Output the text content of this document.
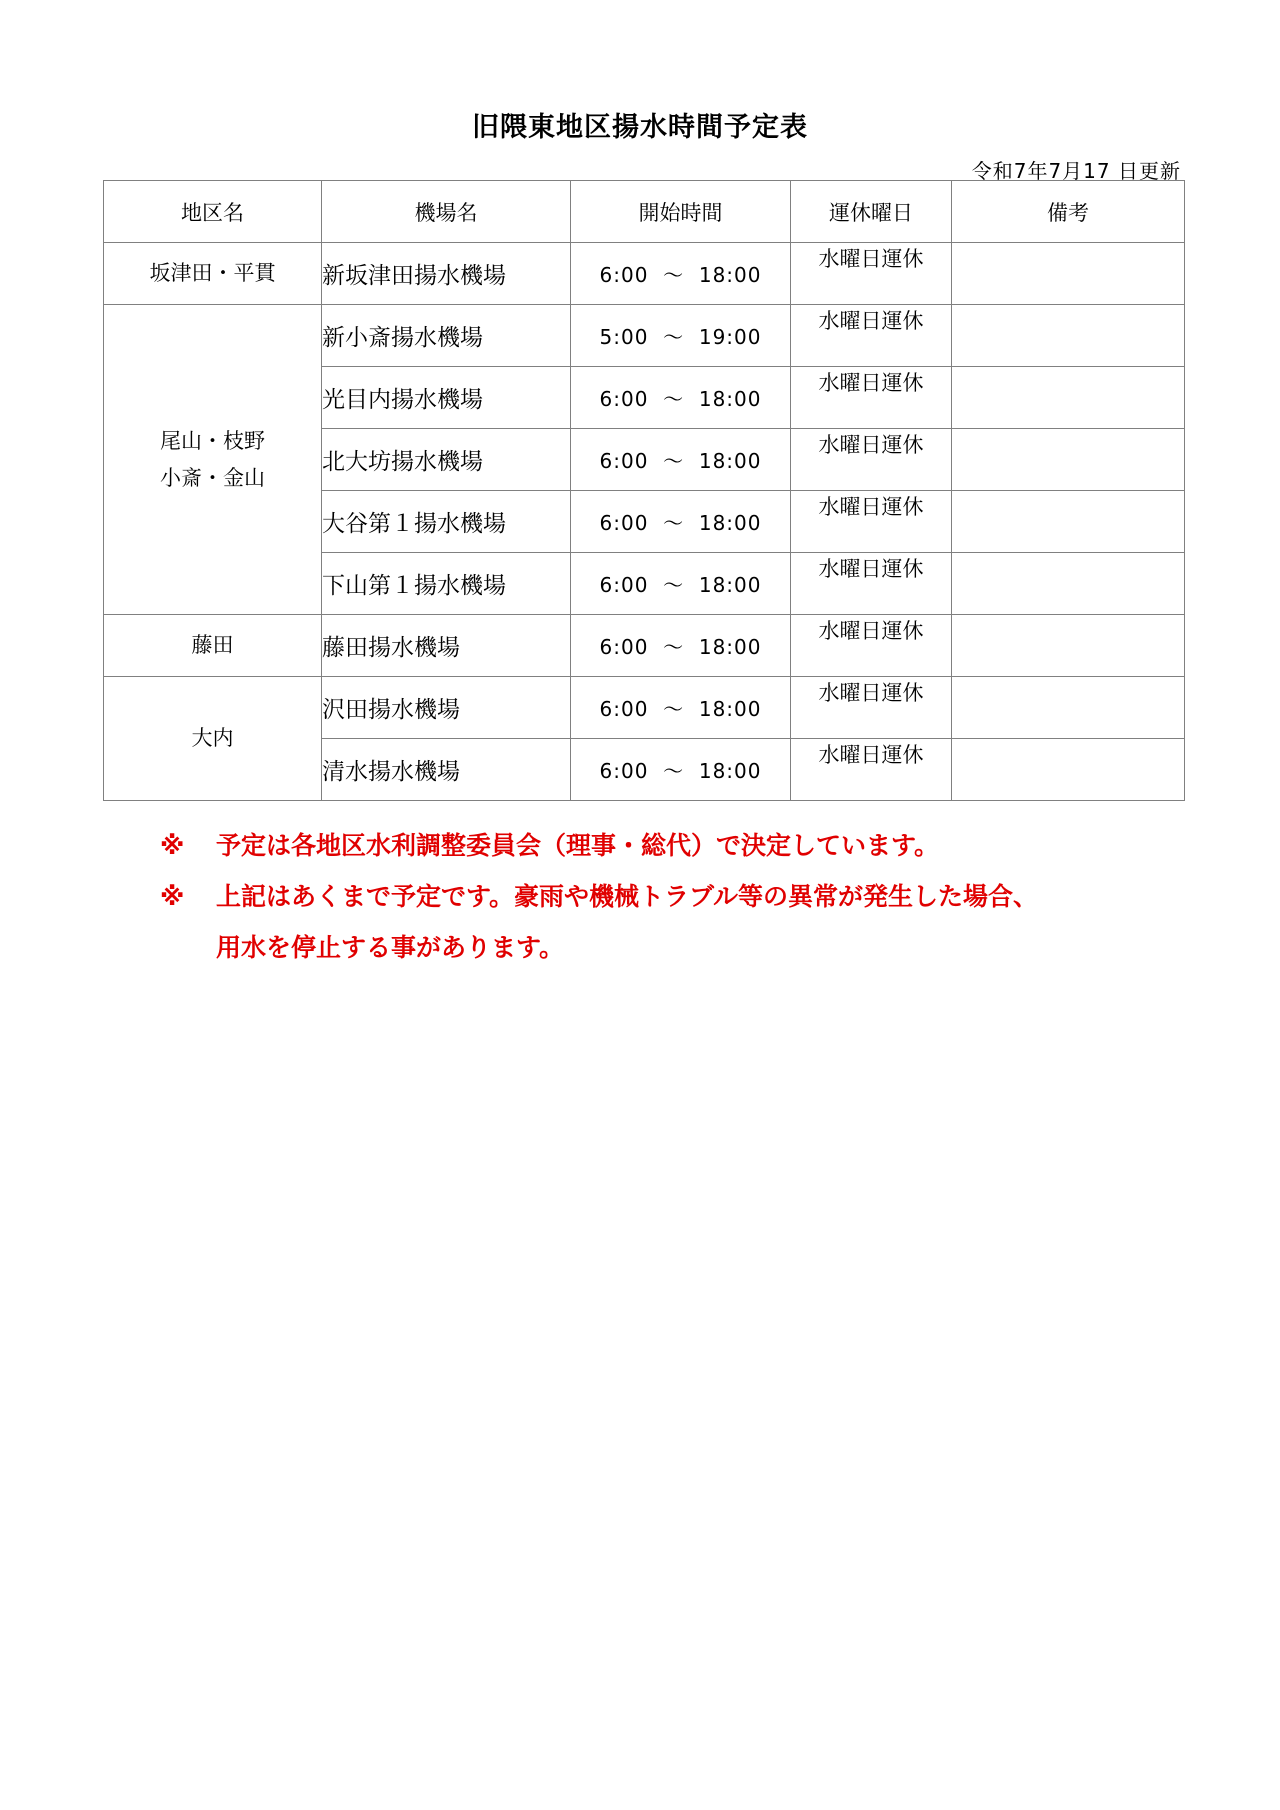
旧隈東地区揚水時間予定表
令和7年7月17 日更新
地区名	機場名	開始時間	運休曜日	備考

坂津田・平貫	新坂津田揚水機場	6:00  ～  18:00	水曜日運休	

尾山・枝野
小斎・金山	新小斎揚水機場	5:00  ～  19:00	水曜日運休	
	光目内揚水機場	6:00  ～  18:00	水曜日運休	
	北大坊揚水機場	6:00  ～  18:00	水曜日運休	
	大谷第１揚水機場	6:00  ～  18:00	水曜日運休	
	下山第１揚水機場	6:00  ～  18:00	水曜日運休	

藤田	藤田揚水機場	6:00  ～  18:00	水曜日運休	

大内	沢田揚水機場	6:00  ～  18:00	水曜日運休	
	清水揚水機場	6:00  ～  18:00	水曜日運休	
※ 予定は各地区水利調整委員会（理事・総代）で決定しています。
※ 上記はあくまで予定です。豪雨や機械トラブル等の異常が発生した場合、
用水を停止する事があります。
